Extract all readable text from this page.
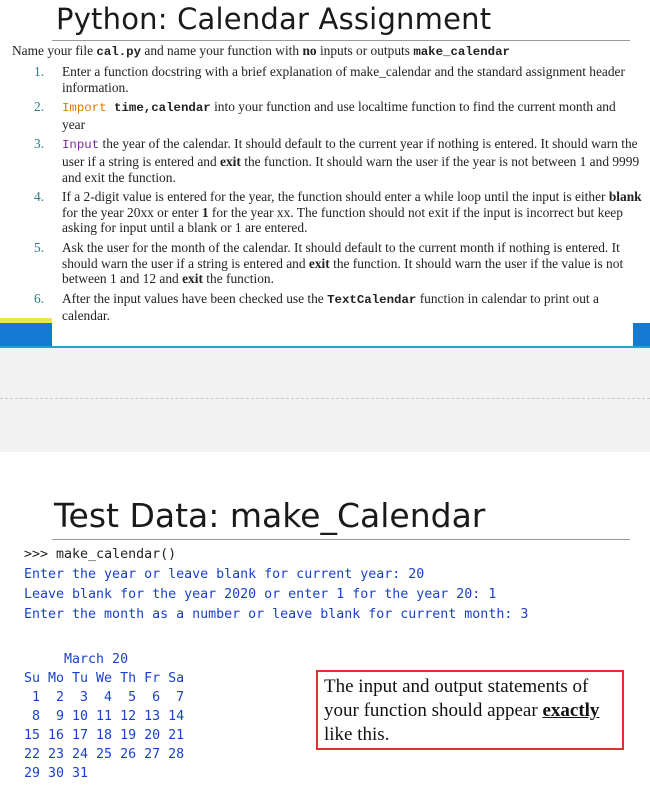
Python: Calendar Assignment
Name your file cal.py and name your function with no inputs or outputs make_calendar
1. Enter a function docstring with a brief explanation of make_calendar and the standard assignment header information.
2. Import time,calendar into your function and use localtime function to find the current month and year
3. Input the year of the calendar. It should default to the current year if nothing is entered. It should warn the user if a string is entered and exit the function. It should warn the user if the year is not between 1 and 9999 and exit the function.
4. If a 2-digit value is entered for the year, the function should enter a while loop until the input is either blank for the year 20xx or enter 1 for the year xx. The function should not exit if the input is incorrect but keep asking for input until a blank or 1 are entered.
5. Ask the user for the month of the calendar. It should default to the current month if nothing is entered. It should warn the user if a string is entered and exit the function. It should warn the user if the value is not between 1 and 12 and exit the function.
6. After the input values have been checked use the TextCalendar function in calendar to print out a calendar.
Test Data: make_Calendar
>>> make_calendar()
Enter the year or leave blank for current year: 20
Leave blank for the year 2020 or enter 1 for the year 20: 1
Enter the month as a number or leave blank for current month: 3
March 20
Su Mo Tu We Th Fr Sa
1  2  3  4  5  6  7
8  9 10 11 12 13 14
15 16 17 18 19 20 21
22 23 24 25 26 27 28
29 30 31
The input and output statements of your function should appear exactly like this.
